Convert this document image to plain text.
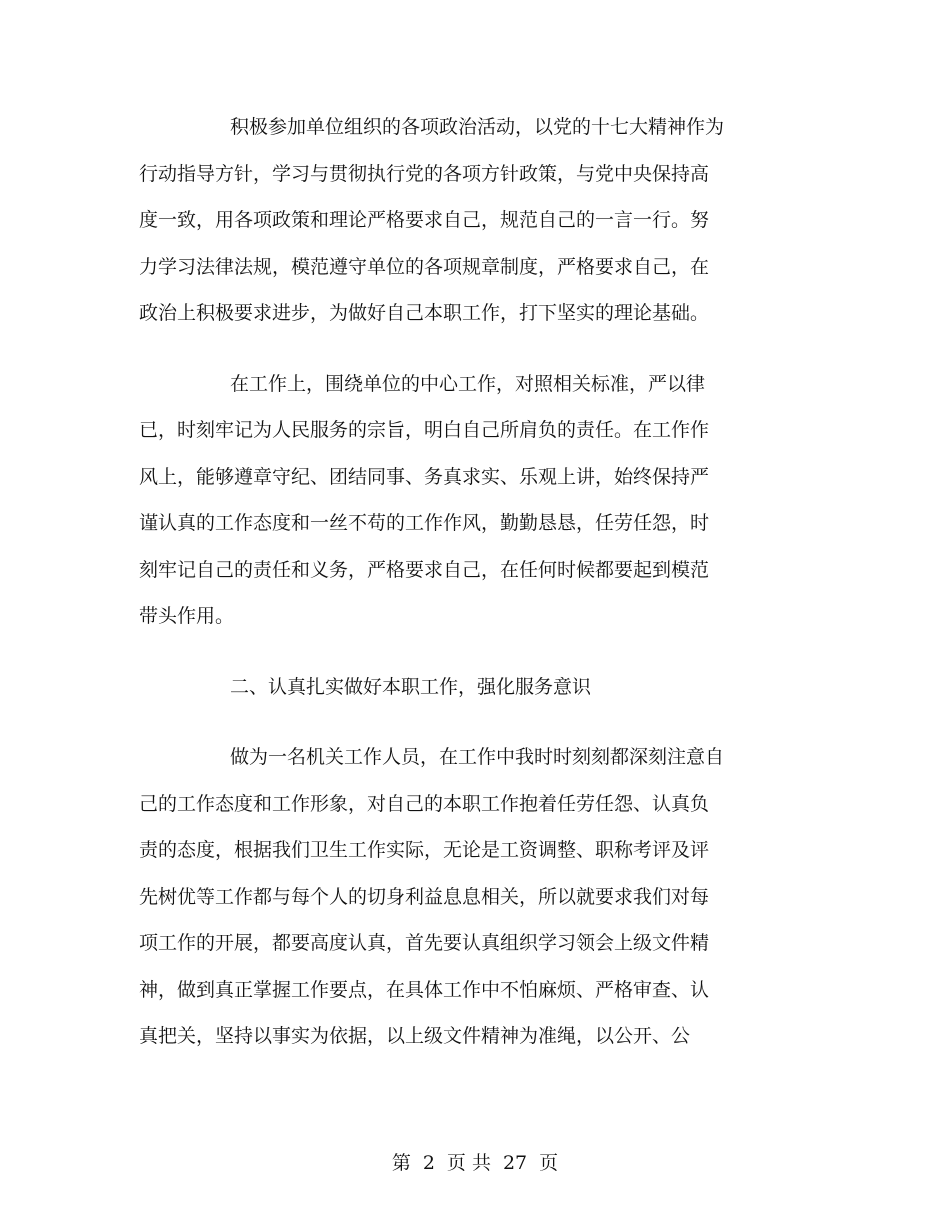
积极参加单位组织的各项政治活动，以党的十七大精神作为
行动指导方针，学习与贯彻执行党的各项方针政策，与党中央保持高
度一致，用各项政策和理论严格要求自己，规范自己的一言一行。努
力学习法律法规，模范遵守单位的各项规章制度，严格要求自己，在
政治上积极要求进步，为做好自己本职工作，打下坚实的理论基础。
在工作上，围绕单位的中心工作，对照相关标准，严以律
已，时刻牢记为人民服务的宗旨，明白自己所肩负的责任。在工作作
风上，能够遵章守纪、团结同事、务真求实、乐观上讲，始终保持严
谨认真的工作态度和一丝不苟的工作作风，勤勤恳恳，任劳任怨，时
刻牢记自己的责任和义务，严格要求自己，在任何时候都要起到模范
带头作用。
二、认真扎实做好本职工作，强化服务意识
做为一名机关工作人员，在工作中我时时刻刻都深刻注意自
己的工作态度和工作形象，对自己的本职工作抱着任劳任怨、认真负
责的态度，根据我们卫生工作实际，无论是工资调整、职称考评及评
先树优等工作都与每个人的切身利益息息相关，所以就要求我们对每
项工作的开展，都要高度认真，首先要认真组织学习领会上级文件精
神，做到真正掌握工作要点，在具体工作中不怕麻烦、严格审查、认
真把关，坚持以事实为依据，以上级文件精神为准绳，以公开、公
第 2 页 共 27 页
